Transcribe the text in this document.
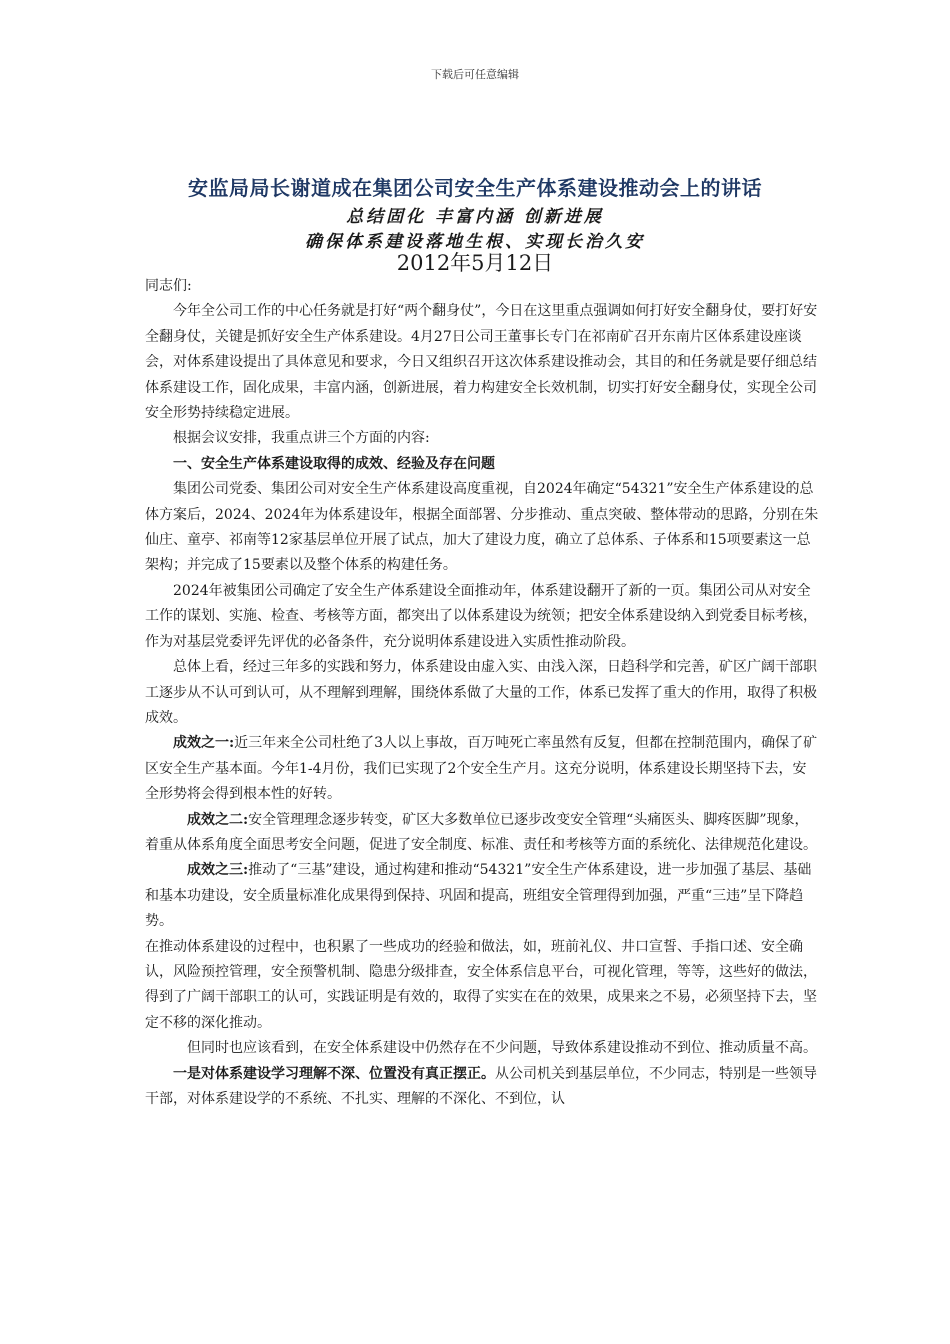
下载后可任意编辑
安监局局长谢道成在集团公司安全生产体系建设推动会上的讲话
总结固化 丰富内涵 创新进展
确保体系建设落地生根、实现长治久安
2012年5月12日

同志们:

今年全公司工作的中心任务就是打好“两个翻身仗”，今日在这里重点强调如何打好安全翻身仗，要打好安全翻身仗，关键是抓好安全生产体系建设。4月27日公司王董事长专门在祁南矿召开东南片区体系建设座谈会，对体系建设提出了具体意见和要求，今日又组织召开这次体系建设推动会，其目的和任务就是要仔细总结体系建设工作，固化成果，丰富内涵，创新进展，着力构建安全长效机制，切实打好安全翻身仗，实现全公司安全形势持续稳定进展。

根据会议安排，我重点讲三个方面的内容:

一、安全生产体系建设取得的成效、经验及存在问题

集团公司党委、集团公司对安全生产体系建设高度重视，自2024年确定“54321”安全生产体系建设的总体方案后，2024、2024年为体系建设年，根据全面部署、分步推动、重点突破、整体带动的思路，分别在朱仙庄、童亭、祁南等12家基层单位开展了试点，加大了建设力度，确立了总体系、子体系和15项要素这一总架构；并完成了15要素以及整个体系的构建任务。

2024年被集团公司确定了安全生产体系建设全面推动年，体系建设翻开了新的一页。集团公司从对安全工作的谋划、实施、检查、考核等方面，都突出了以体系建设为统领；把安全体系建设纳入到党委目标考核，作为对基层党委评先评优的必备条件，充分说明体系建设进入实质性推动阶段。

总体上看，经过三年多的实践和努力，体系建设由虚入实、由浅入深，日趋科学和完善，矿区广阔干部职工逐步从不认可到认可，从不理解到理解，围绕体系做了大量的工作，体系已发挥了重大的作用，取得了积极成效。

成效之一:近三年来全公司杜绝了3人以上事故，百万吨死亡率虽然有反复，但都在控制范围内，确保了矿区安全生产基本面。今年1-4月份，我们已实现了2个安全生产月。这充分说明，体系建设长期坚持下去，安全形势将会得到根本性的好转。

成效之二:安全管理理念逐步转变，矿区大多数单位已逐步改变安全管理“头痛医头、脚疼医脚”现象，着重从体系角度全面思考安全问题，促进了安全制度、标准、责任和考核等方面的系统化、法律规范化建设。

成效之三:推动了“三基”建设，通过构建和推动“54321”安全生产体系建设，进一步加强了基层、基础和基本功建设，安全质量标准化成果得到保持、巩固和提高，班组安全管理得到加强，严重“三违”呈下降趋势。

在推动体系建设的过程中，也积累了一些成功的经验和做法，如，班前礼仪、井口宣誓、手指口述、安全确认，风险预控管理，安全预警机制、隐患分级排查，安全体系信息平台，可视化管理，等等，这些好的做法，得到了广阔干部职工的认可，实践证明是有效的，取得了实实在在的效果，成果来之不易，必须坚持下去，坚定不移的深化推动。

但同时也应该看到，在安全体系建设中仍然存在不少问题，导致体系建设推动不到位、推动质量不高。

一是对体系建设学习理解不深、位置没有真正摆正。从公司机关到基层单位，不少同志，特别是一些领导干部，对体系建设学的不系统、不扎实、理解的不深化、不到位，认
